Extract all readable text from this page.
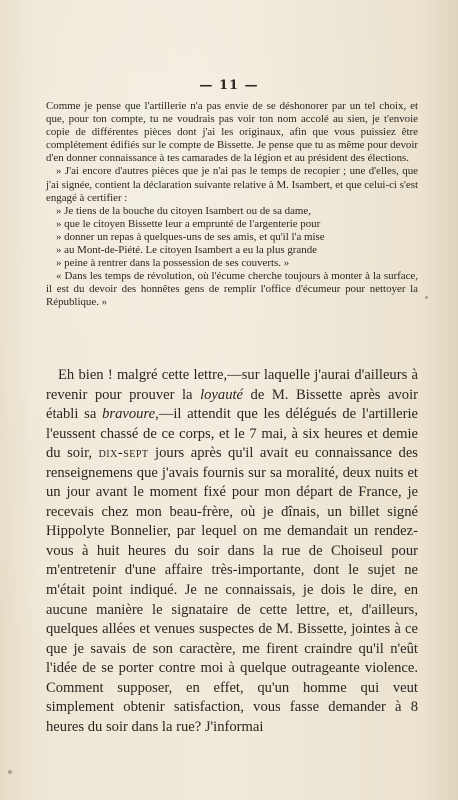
— 11 —

Comme je pense que l'artillerie n'a pas envie de se déshonorer par un tel choix, et que, pour ton compte, tu ne voudrais pas voir ton nom accolé au sien, je t'envoie copie de différentes pièces dont j'ai les originaux, afin que vous puissiez être complétement édifiés sur le compte de Bissette. Je pense que tu as même pour devoir d'en donner connaissance à tes camarades de la légion et au président des élections.

» J'ai encore d'autres pièces que je n'ai pas le temps de recopier ; une d'elles, que j'ai signée, contient la déclaration suivante relative à M. Isambert, et que celui-ci s'est engagé à certifier :

» Je tiens de la bouche du citoyen Isambert ou de sa dame,

» que le citoyen Bissette leur a emprunté de l'argenterie pour

» donner un repas à quelques-uns de ses amis, et qu'il l'a mise

» au Mont-de-Piété. Le citoyen Isambert a eu la plus grande

» peine à rentrer dans la possession de ses couverts. »

« Dans les temps de révolution, où l'écume cherche toujours à monter à la surface, il est du devoir des honnêtes gens de remplir l'office d'écumeur pour nettoyer la République. »

Eh bien ! malgré cette lettre,—sur laquelle j'aurai d'ailleurs à revenir pour prouver la loyauté de M. Bissette après avoir établi sa bravoure,—il attendit que les délégués de l'artillerie l'eussent chassé de ce corps, et le 7 mai, à six heures et demie du soir, dix-sept jours après qu'il avait eu connaissance des renseignemens que j'avais fournis sur sa moralité, deux nuits et un jour avant le moment fixé pour mon départ de France, je recevais chez mon beau-frère, où je dînais, un billet signé Hippolyte Bonnelier, par lequel on me demandait un rendez-vous à huit heures du soir dans la rue de Choiseul pour m'entretenir d'une affaire très-importante, dont le sujet ne m'était point indiqué. Je ne connaissais, je dois le dire, en aucune manière le signataire de cette lettre, et, d'ailleurs, quelques allées et venues suspectes de M. Bissette, jointes à ce que je savais de son caractère, me firent craindre qu'il n'eût l'idée de se porter contre moi à quelque outrageante violence. Comment supposer, en effet, qu'un homme qui veut simplement obtenir satisfaction, vous fasse demander à 8 heures du soir dans la rue? J'informai
